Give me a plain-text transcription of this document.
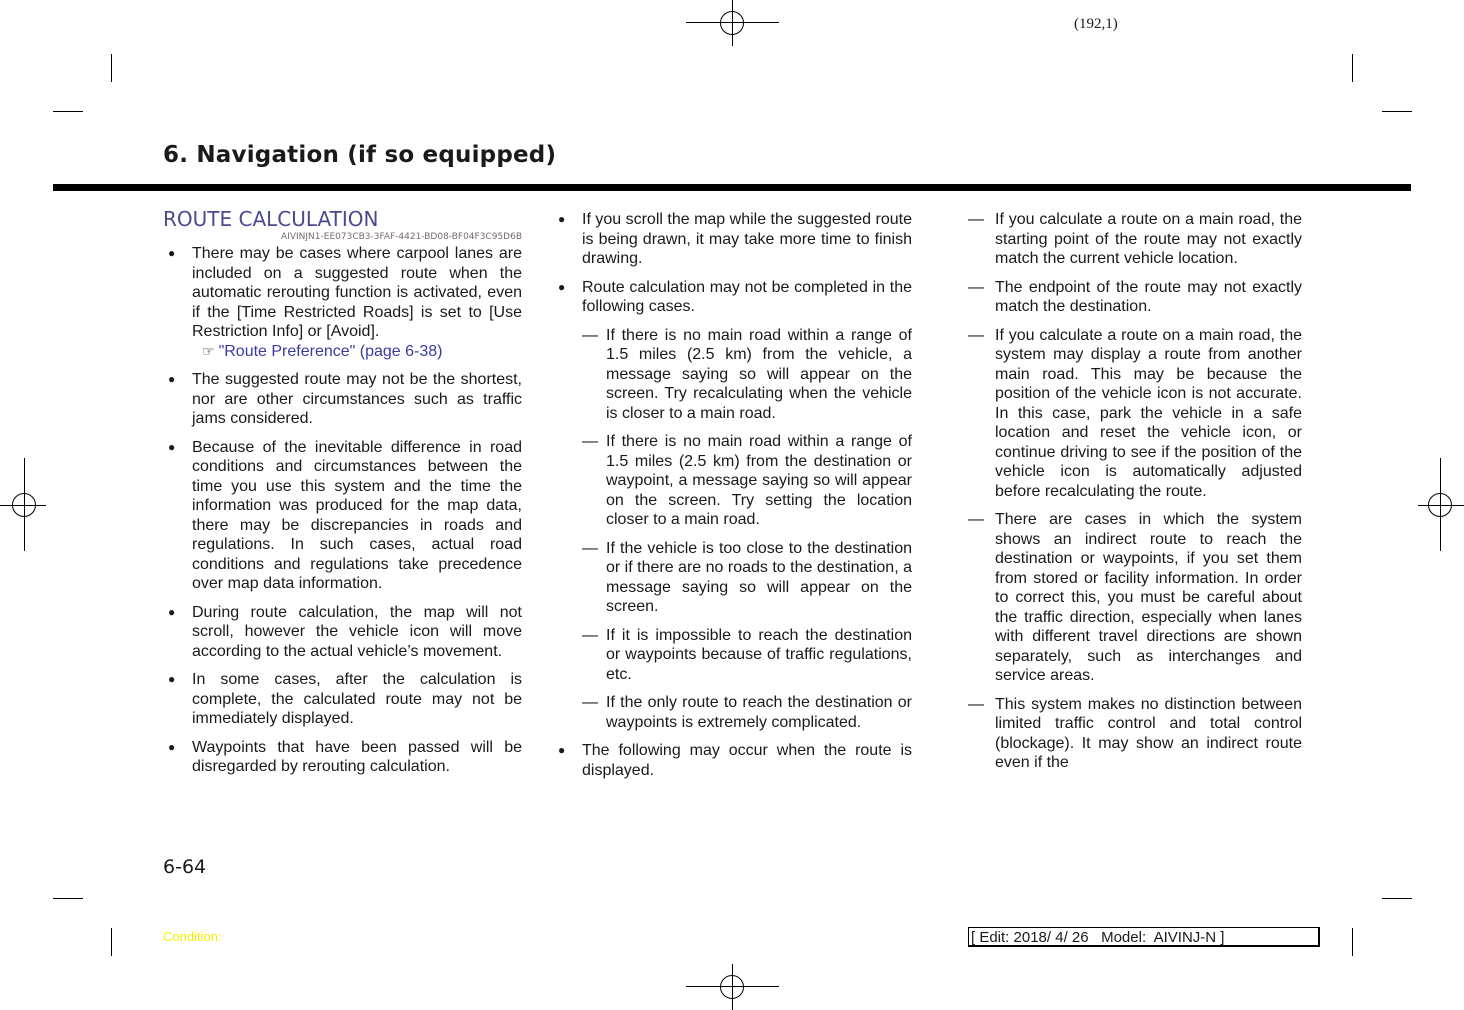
(192,1)
6. Navigation (if so equipped)
ROUTE CALCULATION
AIVINJN1-EE073CB3-3FAF-4421-BD08-BF04F3C95D6B
● There may be cases where carpool lanes are included on a suggested route when the automatic rerouting function is activated, even if the [Time Restricted Roads] is set to [Use Restriction Info] or [Avoid].

☞ "Route Preference" (page 6-38)
● The suggested route may not be the shortest, nor are other circumstances such as traffic jams considered.

● Because of the inevitable difference in road conditions and circumstances between the time you use this system and the time the information was produced for the map data, there may be discrepancies in roads and regulations. In such cases, actual road conditions and regulations take precedence over map data information.

● During route calculation, the map will not scroll, however the vehicle icon will move according to the actual vehicle’s movement.

● In some cases, after the calculation is complete, the calculated route may not be immediately displayed.

● Waypoints that have been passed will be disregarded by rerouting calculation.

● If you scroll the map while the suggested route is being drawn, it may take more time to finish drawing.

● Route calculation may not be completed in the following cases.

— If there is no main road within a range of 1.5 miles (2.5 km) from the vehicle, a message saying so will appear on the screen. Try recalculating when the vehicle is closer to a main road.

— If there is no main road within a range of 1.5 miles (2.5 km) from the destination or waypoint, a message saying so will appear on the screen. Try setting the location closer to a main road.

— If the vehicle is too close to the destination or if there are no roads to the destination, a message saying so will appear on the screen.

— If it is impossible to reach the destination or waypoints because of traffic regulations, etc.

— If the only route to reach the destination or waypoints is extremely complicated.

● The following may occur when the route is displayed.

— If you calculate a route on a main road, the starting point of the route may not exactly match the current vehicle location.

— The endpoint of the route may not exactly match the destination.

— If you calculate a route on a main road, the system may display a route from another main road. This may be because the position of the vehicle icon is not accurate. In this case, park the vehicle in a safe location and reset the vehicle icon, or continue driving to see if the position of the vehicle icon is automatically adjusted before recalculating the route.

— There are cases in which the system shows an indirect route to reach the destination or waypoints, if you set them from stored or facility information. In order to correct this, you must be careful about the traffic direction, especially when lanes with different travel directions are shown separately, such as interchanges and service areas.

— This system makes no distinction between limited traffic control and total control (blockage). It may show an indirect route even if the

6-64
Condition:	[ Edit: 2018/ 4/ 26   Model:  AIVINJ-N ]
